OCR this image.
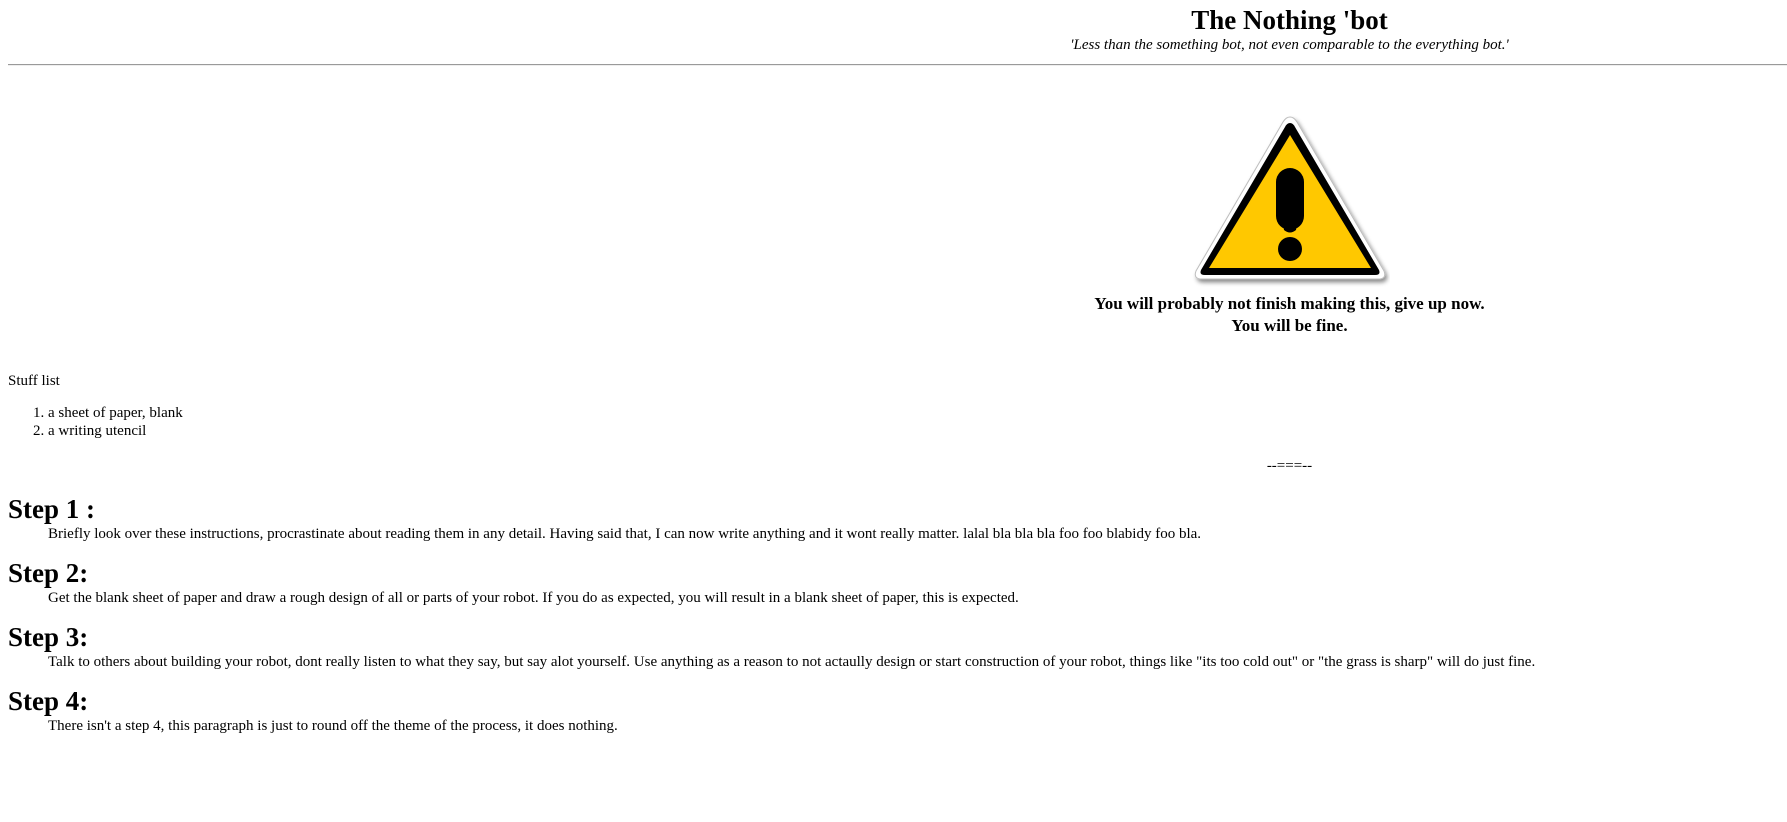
The Nothing 'bot
'Less than the something bot, not even comparable to the everything bot.'
You will probably not finish making this, give up now.
You will be fine.
Stuff list
1. a sheet of paper, blank
2. a writing utencil
--===--
Step 1 :

Briefly look over these instructions, procrastinate about reading them in any detail. Having said that, I can now write anything and it wont really matter. lalal bla bla bla foo foo blabidy foo bla.

Step 2:

Get the blank sheet of paper and draw a rough design of all or parts of your robot. If you do as expected, you will result in a blank sheet of paper, this is expected.

Step 3:

Talk to others about building your robot, dont really listen to what they say, but say alot yourself. Use anything as a reason to not actaully design or start construction of your robot, things like "its too cold out" or "the grass is sharp" will do just fine.

Step 4:

There isn't a step 4, this paragraph is just to round off the theme of the process, it does nothing.
